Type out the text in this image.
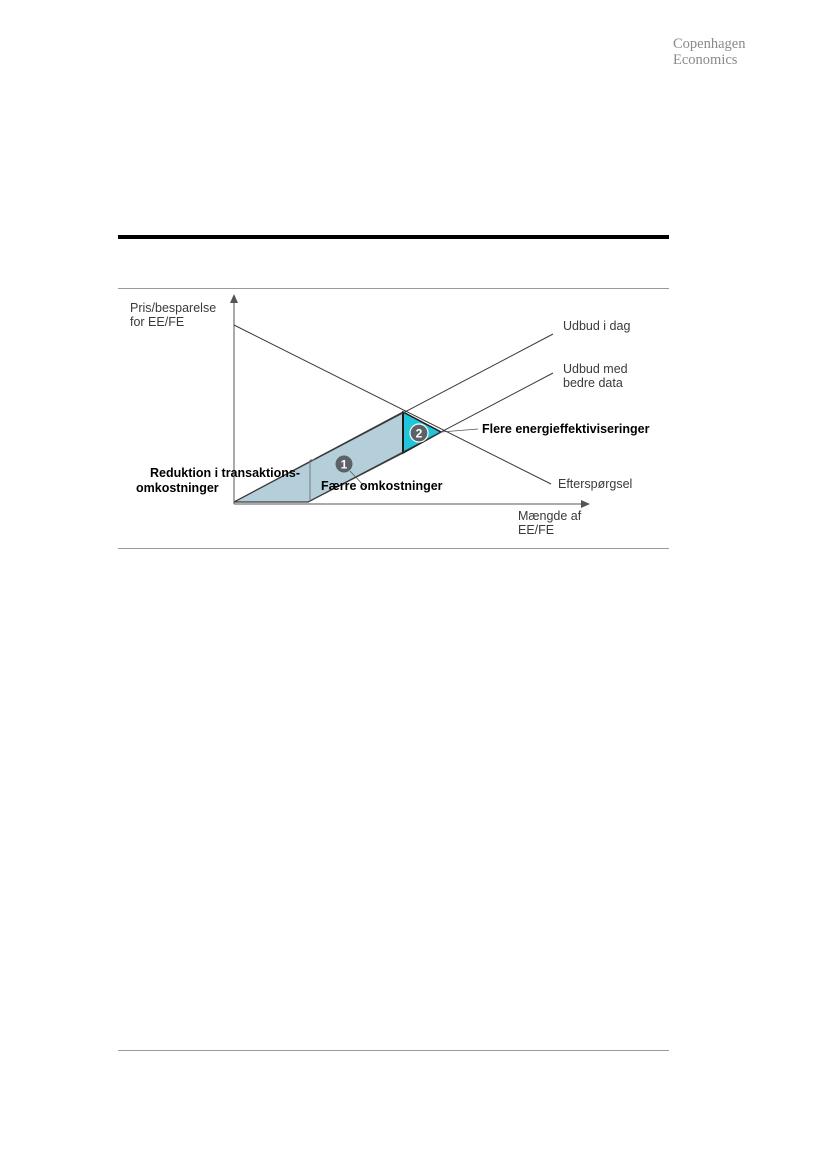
Copenhagen
Economics
1
2
Pris/besparelse
for EE/FE	Udbud i dag
Udbud med
bedre data
Flere energieffektiviseringer
Reduktion i transaktions-
omkostninger	Færre omkostninger	Efterspørgsel
Mængde af
EE/FE
